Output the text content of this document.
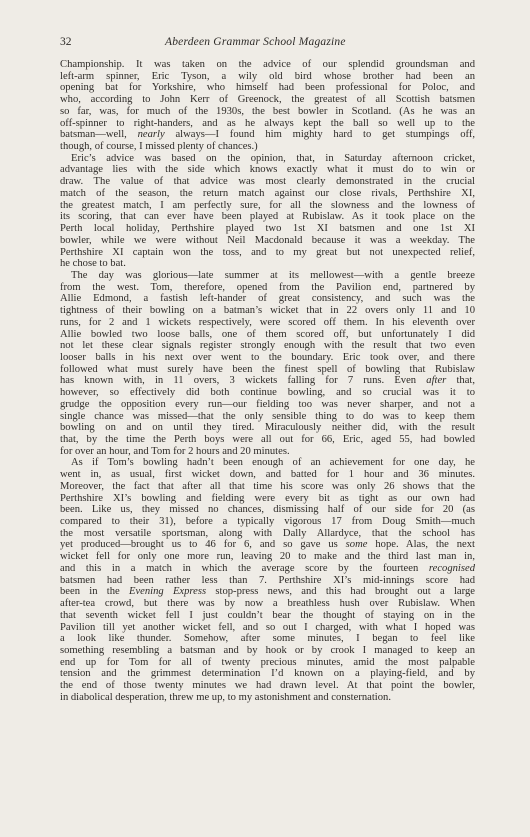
32	Aberdeen Grammar School Magazine
Championship. It was taken on the advice of our splendid groundsman and
left-arm spinner, Eric Tyson, a wily old bird whose brother had been an
opening bat for Yorkshire, who himself had been professional for Poloc, and
who, according to John Kerr of Greenock, the greatest of all Scottish batsmen
so far, was, for much of the 1930s, the best bowler in Scotland. (As he was an
off-spinner to right-handers, and as he always kept the ball so well up to the
batsman—well, nearly always—I found him mighty hard to get stumpings off,
though, of course, I missed plenty of chances.)
Eric’s advice was based on the opinion, that, in Saturday afternoon cricket,
advantage lies with the side which knows exactly what it must do to win or
draw. The value of that advice was most clearly demonstrated in the crucial
match of the season, the return match against our close rivals, Perthshire XI,
the greatest match, I am perfectly sure, for all the slowness and the lowness of
its scoring, that can ever have been played at Rubislaw. As it took place on the
Perth local holiday, Perthshire played two 1st XI batsmen and one 1st XI
bowler, while we were without Neil Macdonald because it was a weekday. The
Perthshire XI captain won the toss, and to my great but not unexpected relief,
he chose to bat.
The day was glorious—late summer at its mellowest—with a gentle breeze
from the west. Tom, therefore, opened from the Pavilion end, partnered by
Allie Edmond, a fastish left-hander of great consistency, and such was the
tightness of their bowling on a batman’s wicket that in 22 overs only 11 and 10
runs, for 2 and 1 wickets respectively, were scored off them. In his eleventh over
Allie bowled two loose balls, one of them scored off, but unfortunately I did
not let these clear signals register strongly enough with the result that two even
looser balls in his next over went to the boundary. Eric took over, and there
followed what must surely have been the finest spell of bowling that Rubislaw
has known with, in 11 overs, 3 wickets falling for 7 runs. Even after that,
however, so effectively did both continue bowling, and so crucial was it to
grudge the opposition every run—our fielding too was never sharper, and not a
single chance was missed—that the only sensible thing to do was to keep them
bowling on and on until they tired. Miraculously neither did, with the result
that, by the time the Perth boys were all out for 66, Eric, aged 55, had bowled
for over an hour, and Tom for 2 hours and 20 minutes.
As if Tom’s bowling hadn’t been enough of an achievement for one day, he
went in, as usual, first wicket down, and batted for 1 hour and 36 minutes.
Moreover, the fact that after all that time his score was only 26 shows that the
Perthshire XI’s bowling and fielding were every bit as tight as our own had
been. Like us, they missed no chances, dismissing half of our side for 20 (as
compared to their 31), before a typically vigorous 17 from Doug Smith—much
the most versatile sportsman, along with Dally Allardyce, that the school has
yet produced—brought us to 46 for 6, and so gave us some hope. Alas, the next
wicket fell for only one more run, leaving 20 to make and the third last man in,
and this in a match in which the average score by the fourteen recognised
batsmen had been rather less than 7. Perthshire XI’s mid-innings score had
been in the Evening Express stop-press news, and this had brought out a large
after-tea crowd, but there was by now a breathless hush over Rubislaw. When
that seventh wicket fell I just couldn’t bear the thought of staying on in the
Pavilion till yet another wicket fell, and so out I charged, with what I hoped was
a look like thunder. Somehow, after some minutes, I began to feel like
something resembling a batsman and by hook or by crook I managed to keep an
end up for Tom for all of twenty precious minutes, amid the most palpable
tension and the grimmest determination I’d known on a playing-field, and by
the end of those twenty minutes we had drawn level. At that point the bowler,
in diabolical desperation, threw me up, to my astonishment and consternation.
